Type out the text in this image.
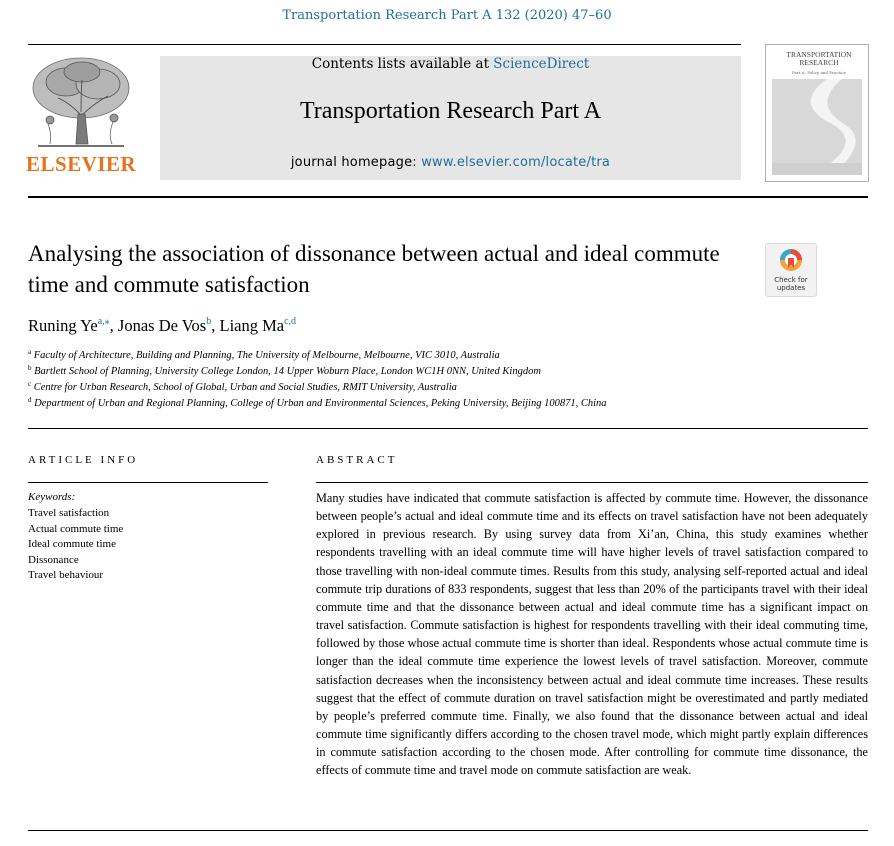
Transportation Research Part A 132 (2020) 47–60
ELSEVIER
Contents lists available at ScienceDirect
Transportation Research Part A
journal homepage: www.elsevier.com/locate/tra
TRANSPORTATION
RESEARCH
Part A: Policy and Practice
Analysing the association of dissonance between actual and ideal commute time and commute satisfaction	Check for
updates
Runing $Ye^{a,⁎}$, Jonas De Vos$^b$, Liang Ma$^{c,d}$
$^a$ Faculty of Architecture, Building and Planning, The University of Melbourne, Melbourne, VIC 3010, Australia
$^b$ Bartlett School of Planning, University College London, 14 Upper Woburn Place, London WC1H 0NN, United Kingdom
$^c$ Centre for Urban Research, School of Global, Urban and Social Studies, RMIT University, Australia
$^d$ Department of Urban and Regional Planning, College of Urban and Environmental Sciences, Peking University, Beijing 100871, China
ARTICLE INFO	ABSTRACT
Keywords:
Travel satisfaction
Actual commute time
Ideal commute time
Dissonance
Travel behaviour
Many studies have indicated that commute satisfaction is affected by commute time. However, the dissonance between people’s actual and ideal commute time and its effects on travel satisfaction have not been adequately explored in previous research. By using survey data from Xi’an, China, this study examines whether respondents travelling with an ideal commute time will have higher levels of travel satisfaction compared to those travelling with non-ideal commute times. Results from this study, analysing self-reported actual and ideal commute trip durations of 833 respondents, suggest that less than 20% of the participants travel with their ideal commute time and that the dissonance between actual and ideal commute time has a significant impact on travel satisfaction. Commute satisfaction is highest for respondents travelling with their ideal commuting time, followed by those whose actual commute time is shorter than ideal. Respondents whose actual commute time is longer than the ideal commute time experience the lowest levels of travel satisfaction. Moreover, commute satisfaction decreases when the inconsistency between actual and ideal commute time increases. These results suggest that the effect of commute duration on travel satisfaction might be overestimated and partly mediated by people’s preferred commute time. Finally, we also found that the dissonance between actual and ideal commute time significantly differs according to the chosen travel mode, which might partly explain differences in commute satisfaction according to the chosen mode. After controlling for commute time dissonance, the effects of commute time and travel mode on commute satisfaction are weak.
